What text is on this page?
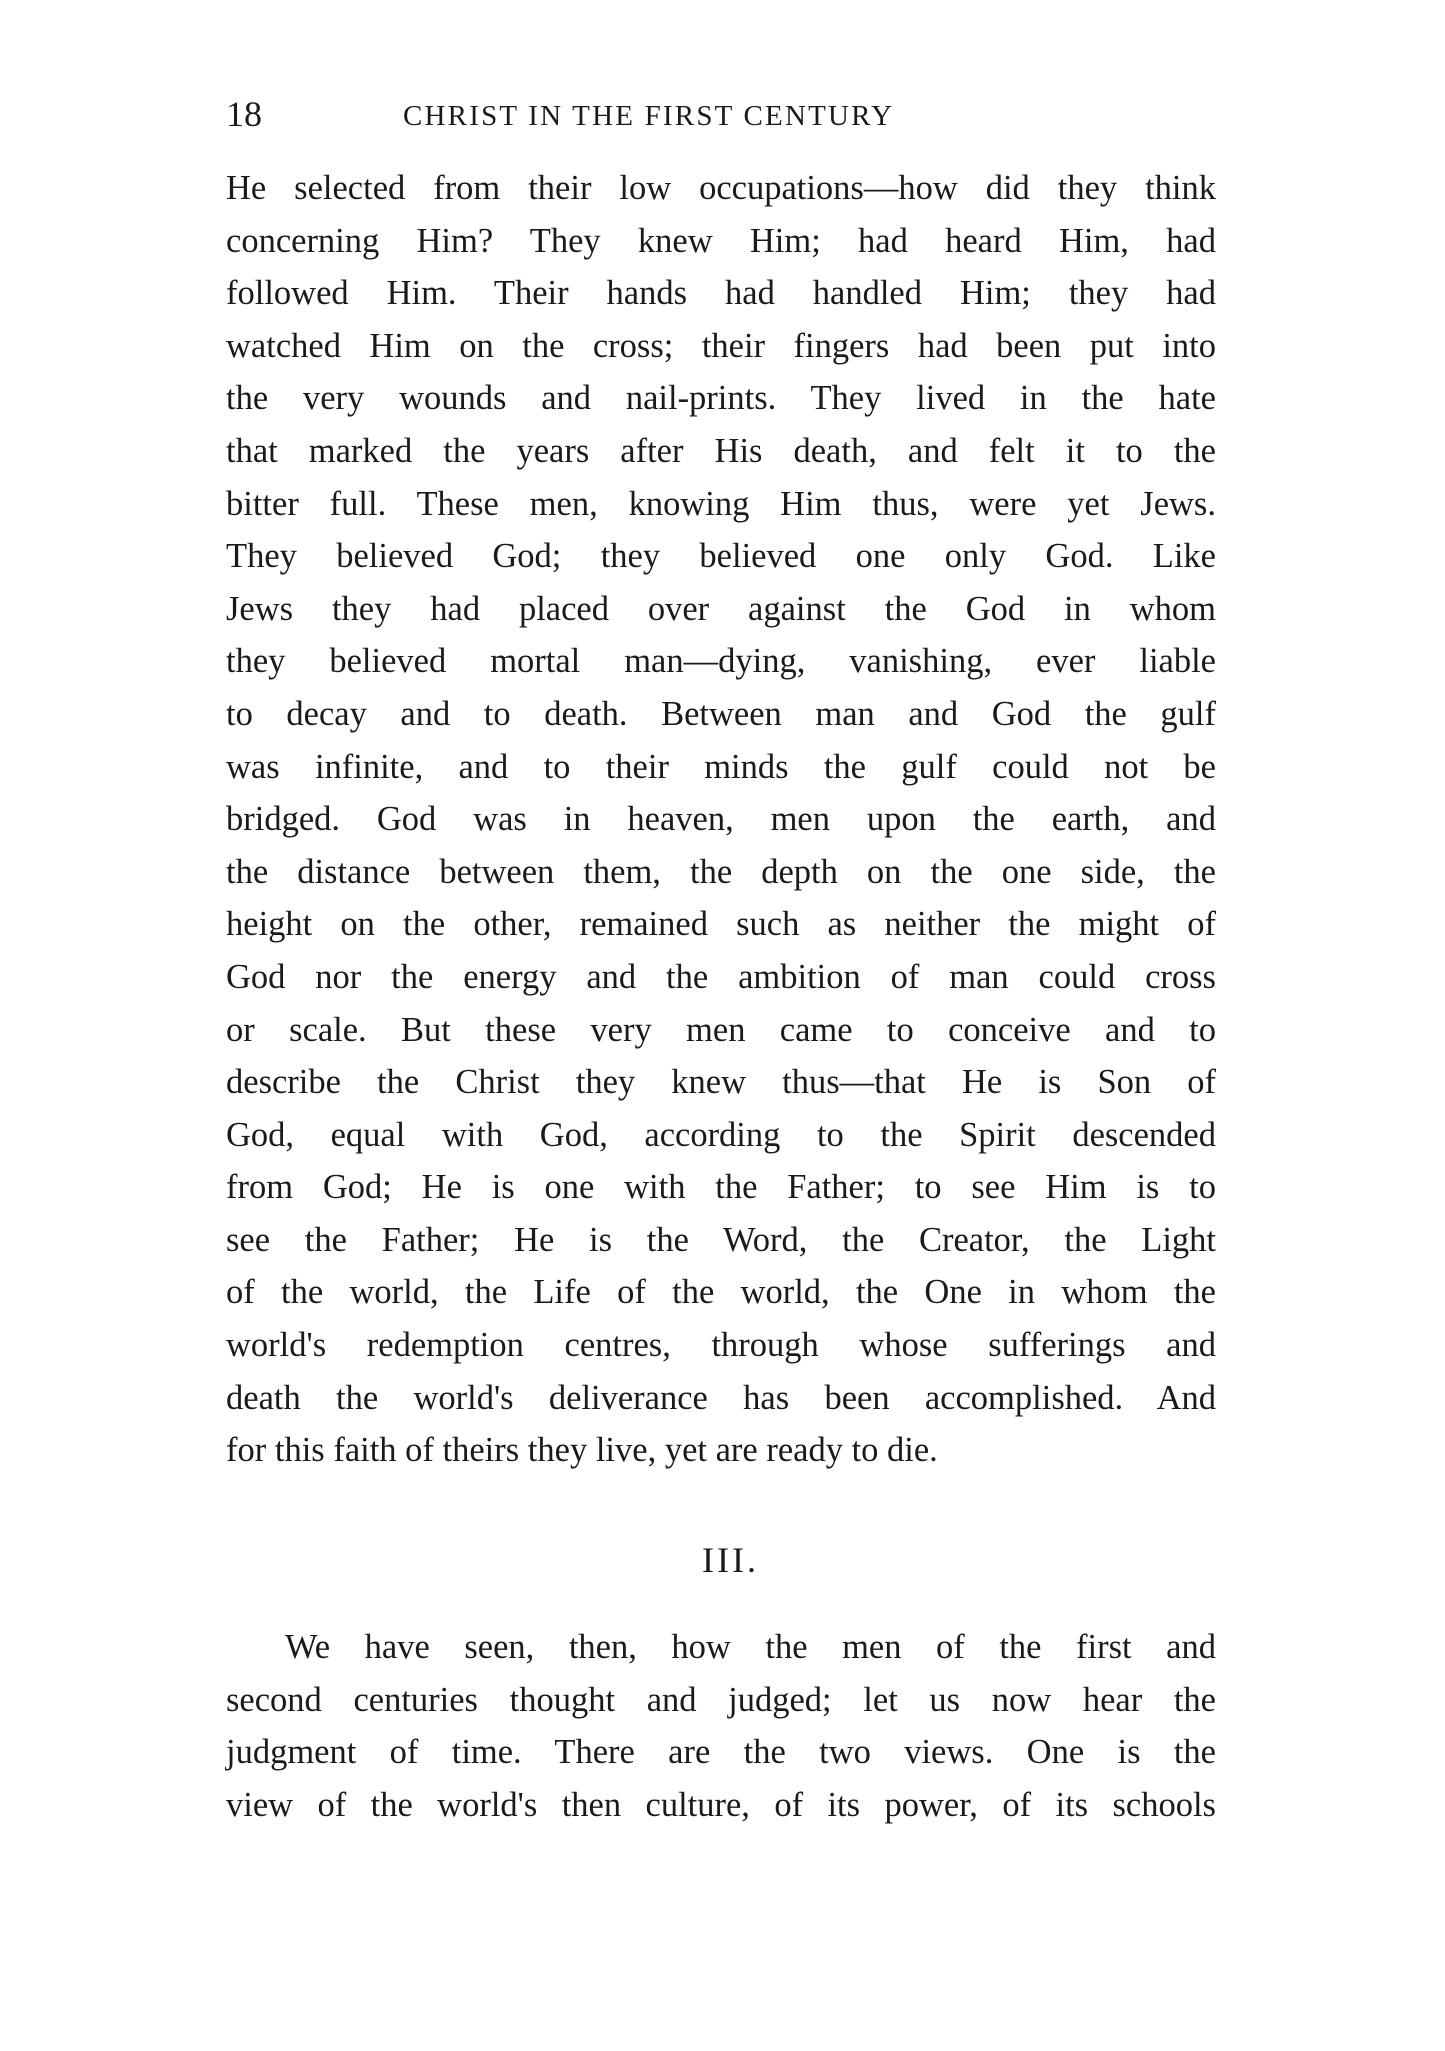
18	CHRIST IN THE FIRST CENTURY
He selected from their low occupations—how did they think
concerning Him? They knew Him; had heard Him, had
followed Him. Their hands had handled Him; they had
watched Him on the cross; their fingers had been put into
the very wounds and nail-prints. They lived in the hate
that marked the years after His death, and felt it to the
bitter full. These men, knowing Him thus, were yet Jews.
They believed God; they believed one only God. Like
Jews they had placed over against the God in whom
they believed mortal man—dying, vanishing, ever liable
to decay and to death. Between man and God the gulf
was infinite, and to their minds the gulf could not be
bridged. God was in heaven, men upon the earth, and
the distance between them, the depth on the one side, the
height on the other, remained such as neither the might of
God nor the energy and the ambition of man could cross
or scale. But these very men came to conceive and to
describe the Christ they knew thus—that He is Son of
God, equal with God, according to the Spirit descended
from God; He is one with the Father; to see Him is to
see the Father; He is the Word, the Creator, the Light
of the world, the Life of the world, the One in whom the
world's redemption centres, through whose sufferings and
death the world's deliverance has been accomplished. And
for this faith of theirs they live, yet are ready to die.
III.
We have seen, then, how the men of the first and
second centuries thought and judged; let us now hear the
judgment of time. There are the two views. One is the
view of the world's then culture, of its power, of its schools
